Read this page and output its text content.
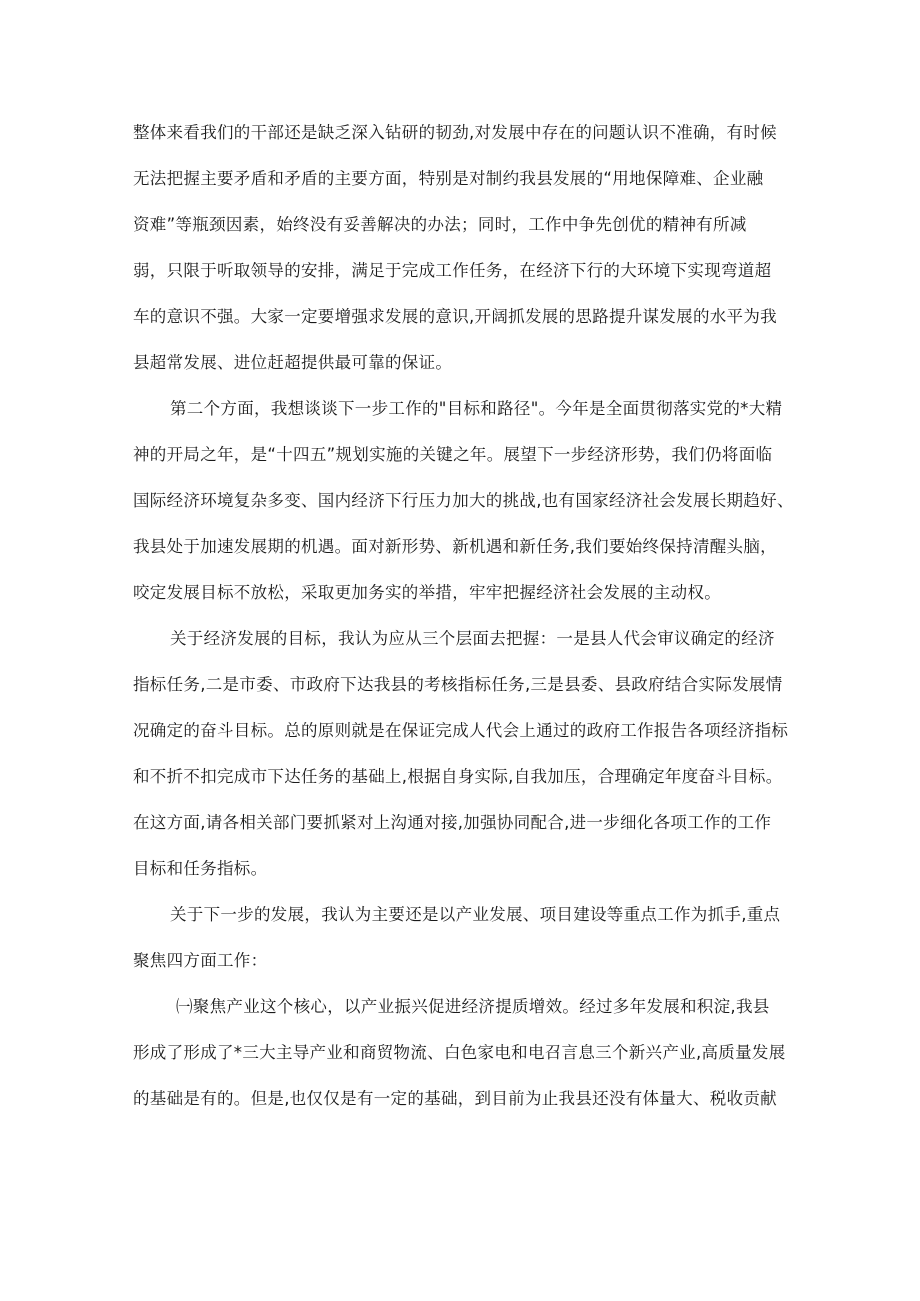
整体来看我们的干部还是缺乏深入钻研的韧劲,对发展中存在的问题认识不准确，有时候
无法把握主要矛盾和矛盾的主要方面，特别是对制约我县发展的“用地保障难、企业融
资难”等瓶颈因素，始终没有妥善解决的办法；同时，工作中争先创优的精神有所减
弱，只限于听取领导的安排，满足于完成工作任务，在经济下行的大环境下实现弯道超
车的意识不强。大家一定要增强求发展的意识,开阔抓发展的思路提升谋发展的水平为我
县超常发展、进位赶超提供最可靠的保证。
第二个方面，我想谈谈下一步工作的"目标和路径"。今年是全面贯彻落实党的*大精
神的开局之年，是“十四五”规划实施的关键之年。展望下一步经济形势，我们仍将面临
国际经济环境复杂多变、国内经济下行压力加大的挑战,也有国家经济社会发展长期趋好、
我县处于加速发展期的机遇。面对新形势、新机遇和新任务,我们要始终保持清醒头脑，
咬定发展目标不放松，采取更加务实的举措，牢牢把握经济社会发展的主动权。
关于经济发展的目标，我认为应从三个层面去把握：一是县人代会审议确定的经济
指标任务,二是市委、市政府下达我县的考核指标任务,三是县委、县政府结合实际发展情
况确定的奋斗目标。总的原则就是在保证完成人代会上通过的政府工作报告各项经济指标
和不折不扣完成市下达任务的基础上,根据自身实际,自我加压，合理确定年度奋斗目标。
在这方面,请各相关部门要抓紧对上沟通对接,加强协同配合,进一步细化各项工作的工作
目标和任务指标。
关于下一步的发展，我认为主要还是以产业发展、项目建设等重点工作为抓手,重点
聚焦四方面工作：
㈠聚焦产业这个核心，以产业振兴促进经济提质增效。经过多年发展和积淀,我县
形成了形成了*三大主导产业和商贸物流、白色家电和电召言息三个新兴产业,高质量发展
的基础是有的。但是,也仅仅是有一定的基础，到目前为止我县还没有体量大、税收贡献
